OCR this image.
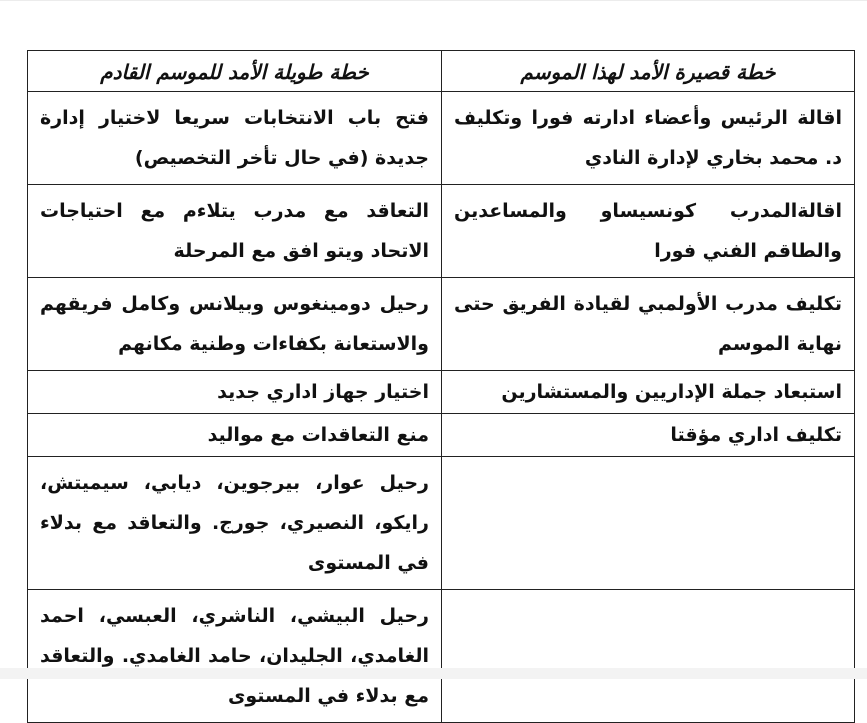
خطة قصيرة الأمد لهذا الموسم	خطة طويلة الأمد للموسم القادم
اقالة الرئيس وأعضاء ادارته فورا وتكليف د. محمد بخاري لإدارة النادي	فتح باب الانتخابات سريعا لاختيار إدارة جديدة (في حال تأخر التخصيص)
اقالةالمدرب كونسيساو والمساعدين والطاقم الفني فورا	التعاقد مع مدرب يتلاءم مع احتياجات الاتحاد ويتو افق مع المرحلة
تكليف مدرب الأولمبي لقيادة الفريق حتى نهاية الموسم	رحيل دومينغوس وبيلانس وكامل فريقهم والاستعانة بكفاءات وطنية مكانهم
استبعاد جملة الإداريين والمستشارين	اختيار جهاز اداري جديد
تكليف اداري مؤقتا	منع التعاقدات مع مواليد
	رحيل عوار، بيرجوين، ديابي، سيميتش، رايكو، النصيري، جورج. والتعاقد مع بدلاء في المستوى
	رحيل البيشي، الناشري، العبسي، احمد الغامدي، الجليدان، حامد الغامدي. والتعاقد مع بدلاء في المستوى
